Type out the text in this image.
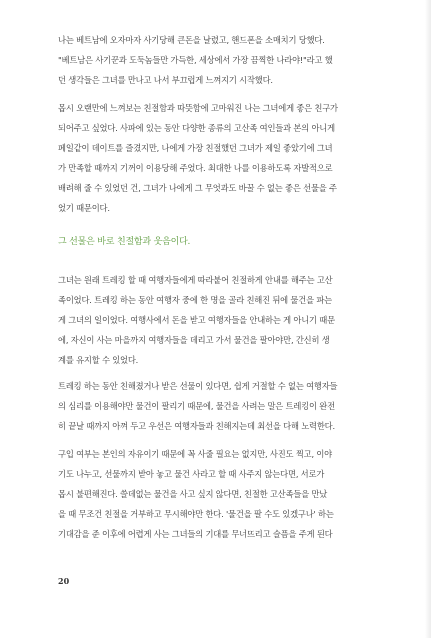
나는 베트남에 오자마자 사기당해 큰돈을 날렸고, 핸드폰을 소매치기 당했다.
"베트남은 사기꾼과 도둑놈들만 가득한, 세상에서 가장 끔찍한 나라야!"라고 했
던 생각들은 그녀를 만나고 나서 부끄럽게 느껴지기 시작했다.
몹시 오랜만에 느껴보는 친절함과 따뜻함에 고마워진 나는 그녀에게 좋은 친구가
되어주고 싶었다. 사파에 있는 동안 다양한 종류의 고산족 여인들과 본의 아니게
페일같이 데이트를 즐겼지만, 나에게 가장 친절했던 그녀가 제일 좋았기에 그녀
가 만족할 때까지 기꺼이 이용당해 주었다. 최대한 나를 이용하도록 자발적으로
배려해 줄 수 있었던 건, 그녀가 나에게 그 무엇과도 바꿀 수 없는 좋은 선물을 주
었기 때문이다.
그 선물은 바로 친절함과 웃음이다.
그녀는 원래 트레킹 할 때 여행자들에게 따라붙어 친절하게 안내를 해주는 고산
족이었다. 트레킹 하는 동안 여행자 중에 한 명을 골라 친해진 뒤에 물건을 파는
게 그녀의 일이었다. 여행사에서 돈을 받고 여행자들을 안내하는 게 아니기 때문
에, 자신이 사는 마을까지 여행자들을 데리고 가서 물건을 팔아야만, 간신히 생
계를 유지할 수 있었다.
트레킹 하는 동안 친해졌거나 받은 선물이 있다면, 쉽게 거절할 수 없는 여행자들
의 심리를 이용해야만 물건이 팔리기 때문에, 물건을 사려는 말은 트레킹이 완전
히 끝날 때까지 아껴 두고 우선은 여행자들과 친해지는데 최선을 다해 노력한다.
구입 여부는 본인의 자유이기 때문에 꼭 사줄 필요는 없지만, 사진도 찍고, 이야
기도 나누고, 선물까지 받아 놓고 물건 사라고 할 때 사주지 않는다면, 서로가
몹시 불편해진다. 쓸데없는 물건을 사고 싶지 않다면, 친절한 고산족들을 만났
을 때 무조건 친절을 거부하고 무시해야만 한다. '물건을 팔 수도 있겠구나' 하는
기대감을 준 이후에 어렵게 사는 그녀들의 기대를 무너뜨리고 슬픔을 주게 된다
20
